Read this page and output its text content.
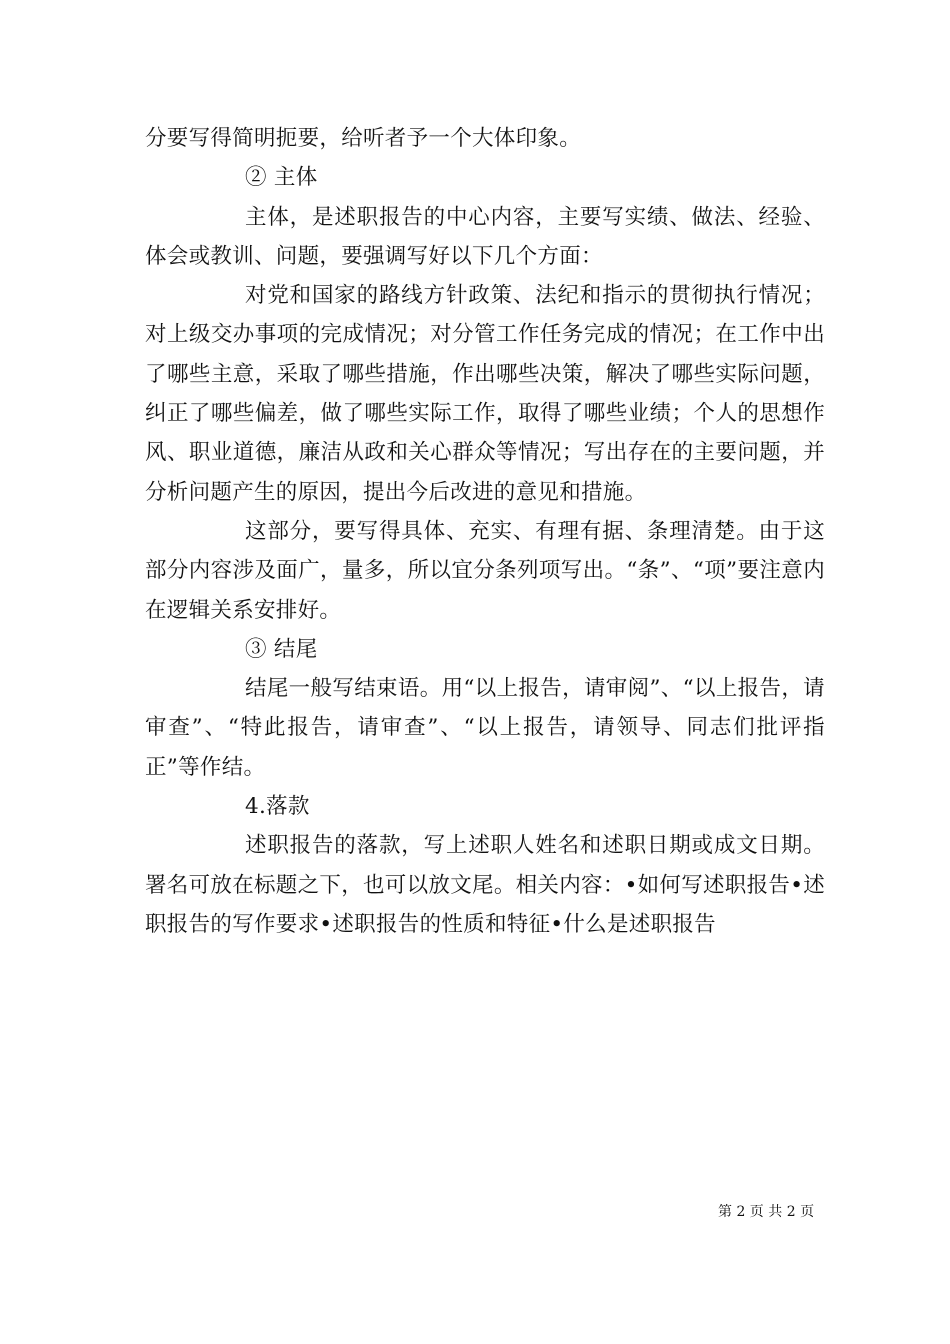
分要写得简明扼要，给听者予一个大体印象。

② 主体

主体，是述职报告的中心内容，主要写实绩、做法、经验、体会或教训、问题，要强调写好以下几个方面：

对党和国家的路线方针政策、法纪和指示的贯彻执行情况；对上级交办事项的完成情况；对分管工作任务完成的情况；在工作中出了哪些主意，采取了哪些措施，作出哪些决策，解决了哪些实际问题，纠正了哪些偏差，做了哪些实际工作，取得了哪些业绩；个人的思想作风、职业道德，廉洁从政和关心群众等情况；写出存在的主要问题，并分析问题产生的原因，提出今后改进的意见和措施。

这部分，要写得具体、充实、有理有据、条理清楚。由于这部分内容涉及面广，量多，所以宜分条列项写出。“条”、“项”要注意内在逻辑关系安排好。

③ 结尾

结尾一般写结束语。用“以上报告，请审阅”、“以上报告，请审查”、“特此报告，请审查”、“以上报告，请领导、同志们批评指正”等作结。

4.落款

述职报告的落款，写上述职人姓名和述职日期或成文日期。署名可放在标题之下，也可以放文尾。相关内容：•如何写述职报告•述职报告的写作要求•述职报告的性质和特征•什么是述职报告

第 2 页 共 2 页
